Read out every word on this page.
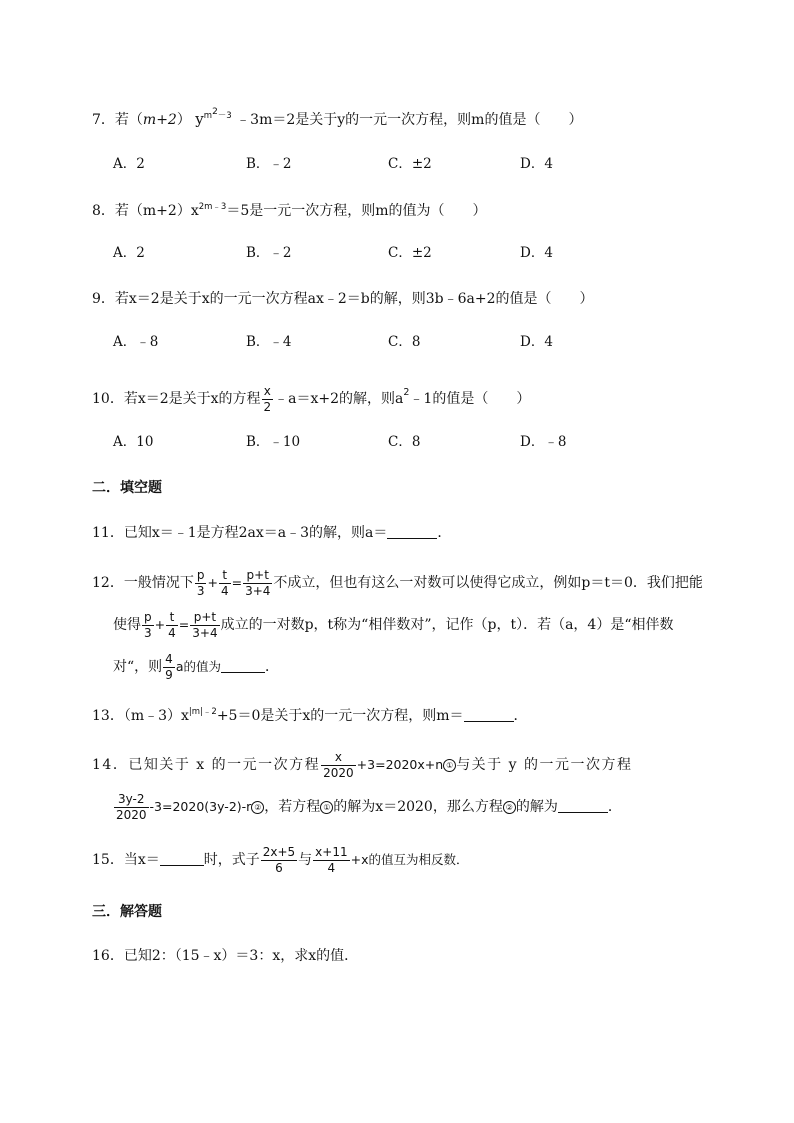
7．若（m+2） $y^{m2-3}$ ﹣3m＝2是关于y的一元一次方程，则m的值是（　　）
A．2	B．﹣2	C．±2	D．4
8．若$(m+2)x^{2m﹣3}=5$是一元一次方程，则m的值为（　　）
A．2	B．﹣2	C．±2	D．4
9．若x＝2是关于x的一元一次方程ax﹣2＝b的解，则3b﹣6a+2的值是（　　）
A．﹣8	B．﹣4	C．8	D．4
10．若x＝2是关于x的方程 $\frac{x}{2}$ ﹣a＝x+2的解，则$a^2﹣1$的值是（　　）
A．10	B．﹣10	C．8	D．﹣8
二．填空题
11．已知x＝﹣1是方程2ax＝a﹣3的解，则a＝	．
12．一般情况下 $\frac{p}{3} + \frac{t}{4} = \frac{p+t}{3+4}$ 不成立，但也有这么一对数可以使得它成立，例如p＝t＝0．我们把能
使得 $\frac{p}{3} + \frac{t}{4} = \frac{p+t}{3+4}$ 成立的一对数p，t称为“相伴数对”，记作（p，t）．若（a，4）是“相伴数
对“，则 $\frac{4}{9}$ a的值为	．
13．$(m﹣3)x^{|m|﹣2}+5=0$是关于x的一元一次方程，则m＝	．
14．已知关于 x 的一元一次方程 $\frac{x}{2020} +3=2020x+n$ ① 与关于 y 的一元一次方程
$\frac{3y-2}{2020} -3=2020(3y-2)-r$ ② ，若方程 ① 的解为x＝2020，那么方程 ② 的解为	．
15．当x＝	时，式子 $\frac{2x+5}{6}$ 与 $\frac{x+11}{4} +x$的值互为相反数．
三．解答题
16．已知2：（15﹣x）＝3：x，求x的值．
